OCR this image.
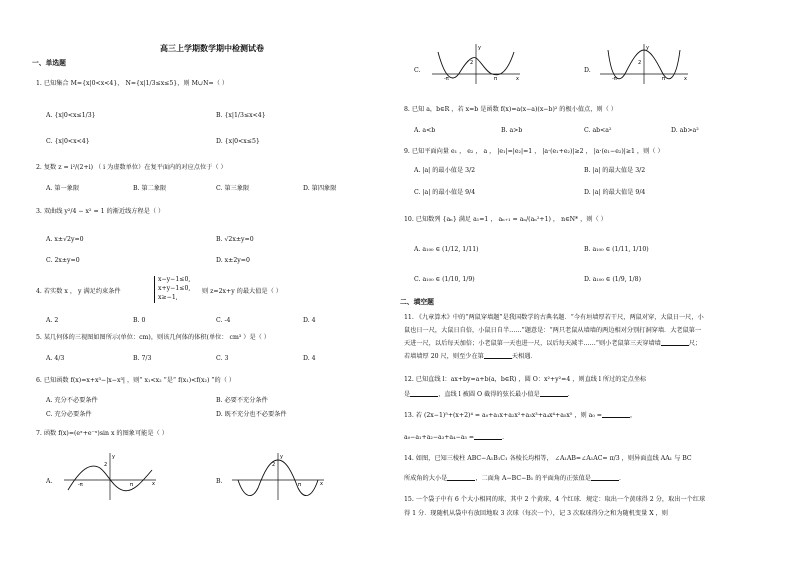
高三上学期数学期中检测试卷
一、单选题
1. 已知集合 M={x|0<x<4}， N={x|1/3≤x≤5}，则 M∪N=（ ）
A. {x|0<x≤1/3}	B. {x|1/3≤x<4}
C. {x|0<x<4}	D. {x|0<x≤5}
2. 复数 z = i²/(2+i) （ i 为虚数单位）在复平面内的对应点位于（ ）
A. 第一象限	B. 第二象限	C. 第三象限	D. 第四象限
3. 双曲线 y²/4 − x² = 1 的渐近线方程是（ ）
A. x±√2y=0	B. √2x±y=0
C. 2x±y=0	D. x±2y=0
4. 若实数 x ， y 满足约束条件
x−y−1≤0,
x+y−1≤0,
x≥−1,
则 z=2x+y 的最大值是（ ）
A. 2	B. 0	C. -4	D. 4
5. 某几何体的三视图如图所示(单位：cm)，则该几何体的体积(单位： cm³ ）是（ ）
A. 4/3	B. 7/3	C. 3	D. 4
6. 已知函数 f(x)=x+x³−|x−x³| ，则“ x₁<x₂ ”是“ f(x₁)<f(x₂) ”的（ ）
A. 充分不必要条件	B. 必要不充分条件
C. 充分必要条件	D. 既不充分也不必要条件
7. 函数 f(x)=(eˣ+e⁻ˣ)sin x 的图象可能是（ ）
A.	B.
y
x
2
π
-π
y
x
2
π
C.	D.
y
x
2
-π	π
y
x
2
-π	π
8. 已知 a，b∈R ，若 x=b 是函数 f(x)=a(x−a)(x−b)² 的极小值点，则（ ）
A. a<b	B. a>b	C. ab<a²	D. ab>a²
9. 已知平面向量 e₁ ， e₂ ， a ， |e₁|=|e₂|=1 ， |a·(e₁+e₂)|≥2 ， |a·(e₁−e₂)|≥1 ，则（ ）
A. |a| 的最小值是 3/2	B. |a| 的最大值是 3/2
C. |a| 的最小值是 9/4	D. |a| 的最大值是 9/4
10. 已知数列 {aₙ} 满足 a₁=1 ， aₙ₊₁ = aₙ/(aₙ²+1) ， n∈N* ，则（ ）
A. a₁₀₀ ∈ (1/12, 1/11)	B. a₁₀₀ ∈ (1/11, 1/10)
C. a₁₀₀ ∈ (1/10, 1/9)	D. a₁₀₀ ∈ (1/9, 1/8)
二、填空题
11. 《九章算术》中的“两鼠穿墙题”是我国数学的古典名题．“今有垣墙厚若干尺，两鼠对穿，大鼠日一尺，小
鼠也日一尺，大鼠日自倍，小鼠日自半……”题意是：“两只老鼠从墙墙的两边相对分别打洞穿墙．大老鼠第一
天进一尺，以后每天加倍；小老鼠第一天也进一尺，以后每天减半……”则小老鼠第三天穿墙墙	尺；
若墙墙厚 20 尺，则至少在第	天相遇．
12. 已知直线 l：ax+by=a+b(a，b∈R) ，圆 O：x²+y²=4 ，则直线 l 所过的定点坐标
是	，直线 l 被圆 O 截得的弦长最小值是	．
13. 若 (2x−1)⁵+(x+2)⁴ = a₀+a₁x+a₂x²+a₃x³+a₄x⁴+a₅x⁵ ，则 a₀ =	，
a₀−a₁+a₂−a₃+a₄−a₅ =	．
14. 如图，已知三棱柱 ABC−A₁B₁C₁ 各棱长均相等， ∠A₁AB=∠A₁AC= π/3 ，则异面直线 AA₁ 与 BC
所成角的大小是	，二面角 A−BC−B₁ 的平面角的正弦值是	．
15. 一个袋子中有 6 个大小相同的球，其中 2 个黄球，4 个红球．规定：取出一个黄球得 2 分，取出一个红球
得 1 分．现随机从袋中有放回地取 3 次球（每次一个），记 3 次取球得分之和为随机变量 X ，则
